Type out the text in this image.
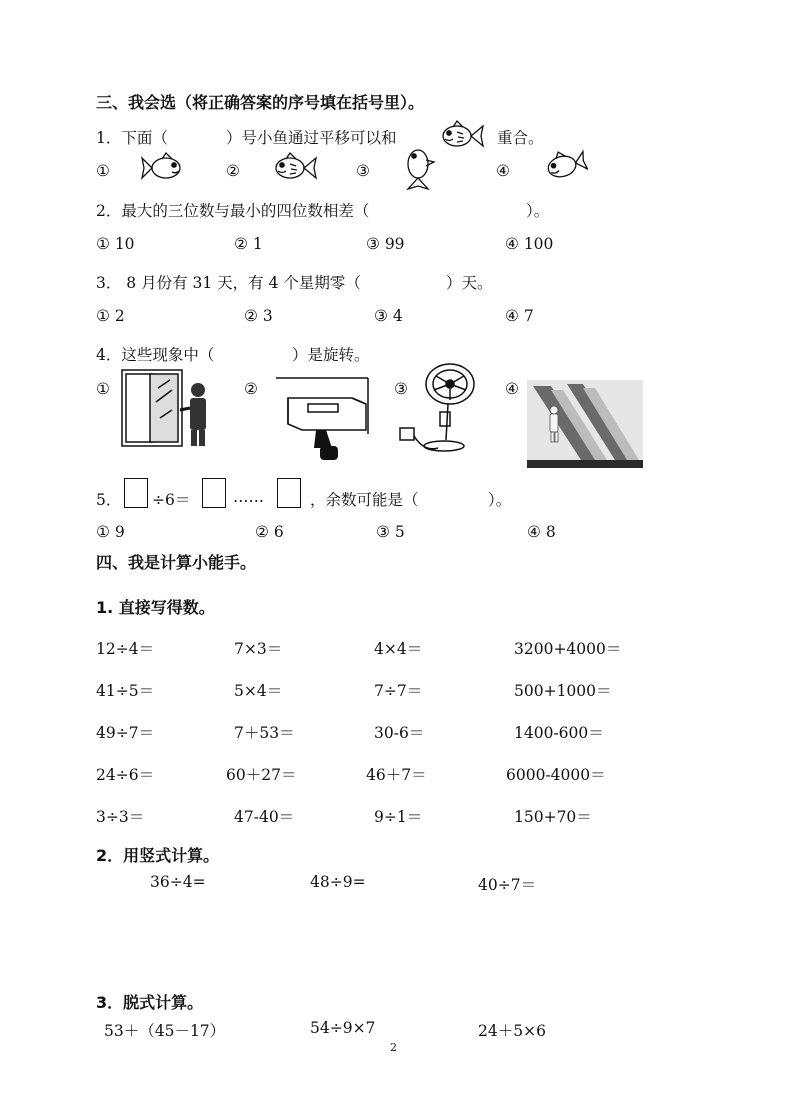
三、我会选（将正确答案的序号填在括号里）。
1．下面（	）号小鱼通过平移可以和	重合。
①	②	③	④
2．最大的三位数与最小的四位数相差（	）。
① 10	② 1	③ 99	④ 100
3． 8 月份有 31 天，有 4 个星期零（	）天。
① 2	② 3	③ 4	④ 7
4．这些现象中（	）是旋转。
①	②	③	④
5． ÷6＝	……	，余数可能是（	）。
① 9	② 6	③ 5	④ 8
四、我是计算小能手。
1. 直接写得数。
12÷4＝	7×3＝	4×4＝	3200+4000＝
41÷5＝	5×4＝	7÷7＝	500+1000＝
49÷7＝	7＋53＝	30-6＝	1400-600＝
24÷6＝	60＋27＝	46＋7＝	6000-4000＝
3÷3＝	47-40＝	9÷1＝	150+70＝
2．用竖式计算。
36÷4=	48÷9=	40÷7＝
3．脱式计算。
53＋（45－17）	54÷9×7	24＋5×6
2
